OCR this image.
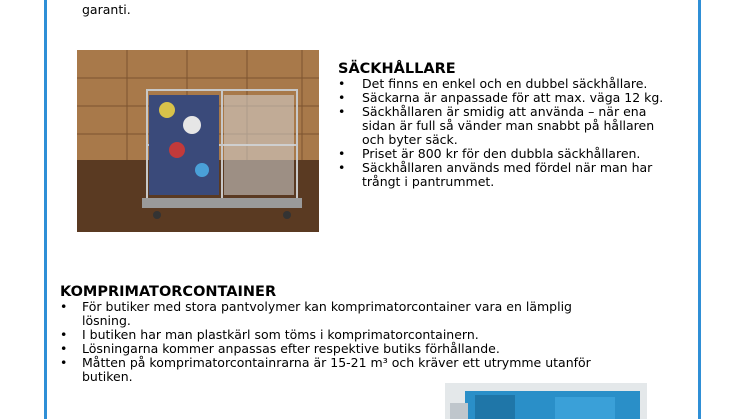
garanti.
SÄCKHÅLLARE
• Det finns en enkel och en dubbel säckhållare.
• Säckarna är anpassade för att max. väga 12 kg.
• Säckhållaren är smidig att använda – när ena sidan är full så vänder man snabbt på hållaren och byter säck.
• Priset är 800 kr för den dubbla säckhållaren.
• Säckhållaren används med fördel när man har trångt i pantrummet.
KOMPRIMATORCONTAINER
• För butiker med stora pantvolymer kan komprimatorcontainer vara en lämplig lösning.
• I butiken har man plastkärl som töms i komprimatorcontainern.
• Lösningarna kommer anpassas efter respektive butiks förhållande.
• Måtten på komprimatorcontainrarna är 15-21 m³ och kräver ett utrymme utanför butiken.
